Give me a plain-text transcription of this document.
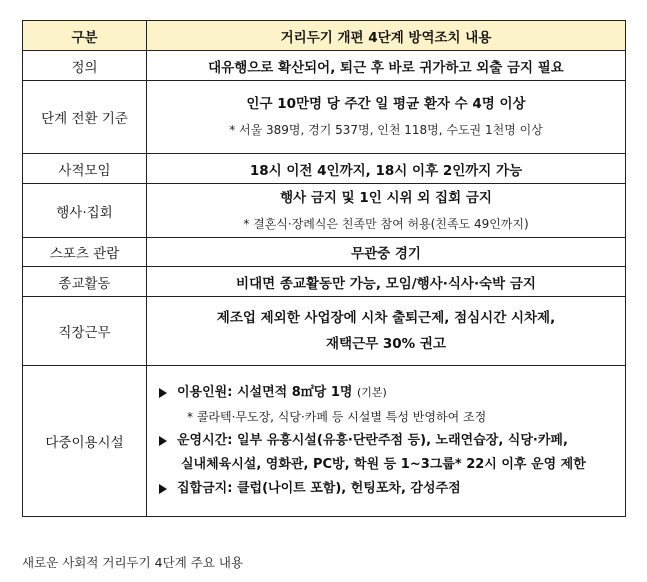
구분	거리두기 개편 4단계 방역조치 내용
정의	대유행으로 확산되어, 퇴근 후 바로 귀가하고 외출 금지 필요
단계 전환 기준	인구 10만명 당 주간 일 평균 환자 수 4명 이상
* 서울 389명, 경기 537명, 인천 118명, 수도권 1천명 이상

사적모임	18시 이전 4인까지, 18시 이후 2인까지 가능
행사·집회	행사 금지 및 1인 시위 외 집회 금지
* 결혼식·장례식은 친족만 참여 허용(친족도 49인까지)

스포츠 관람	무관중 경기
종교활동	비대면 종교활동만 가능, 모임/행사·식사·숙박 금지
직장근무	제조업 제외한 사업장에 시차 출퇴근제, 점심시간 시차제,
재택근무 30% 권고

다중이용시설	이용인원: 시설면적 8㎡당 1명 (기본)
* 콜라텍·무도장, 식당·카페 등 시설별 특성 반영하여 조정
운영시간: 일부 유흥시설(유흥·단란주점 등), 노래연습장, 식당·카페,
실내체육시설, 영화관, PC방, 학원 등 1~3그룹* 22시 이후 운영 제한
집합금지: 클럽(나이트 포함), 헌팅포차, 감성주점
새로운 사회적 거리두기 4단계 주요 내용
